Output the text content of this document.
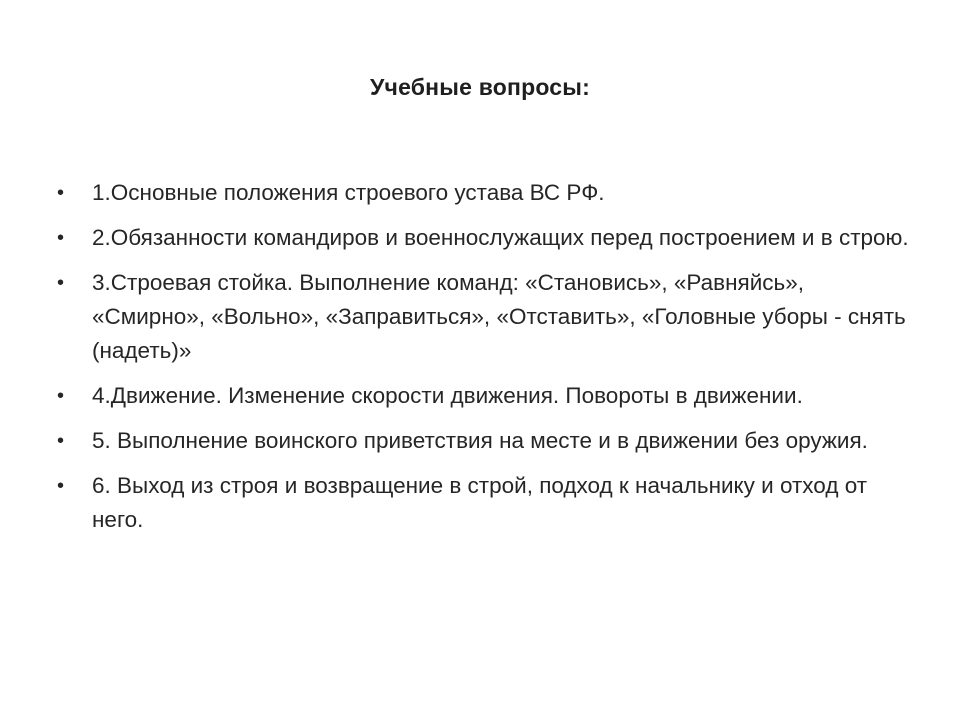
Учебные вопросы:
• 1.Основные положения строевого устава ВС РФ.
• 2.Обязанности командиров и военнослужащих перед построением и в строю.
• 3.Строевая стойка. Выполнение команд: «Становись», «Равняйсь», «Смирно», «Вольно», «Заправиться», «Отставить», «Головные уборы - снять (надеть)»
• 4.Движение. Изменение скорости движения. Повороты в движении.
• 5. Выполнение воинского приветствия на месте и в движении без оружия.
• 6. Выход из строя и возвращение в строй, подход к начальнику и отход от него.
